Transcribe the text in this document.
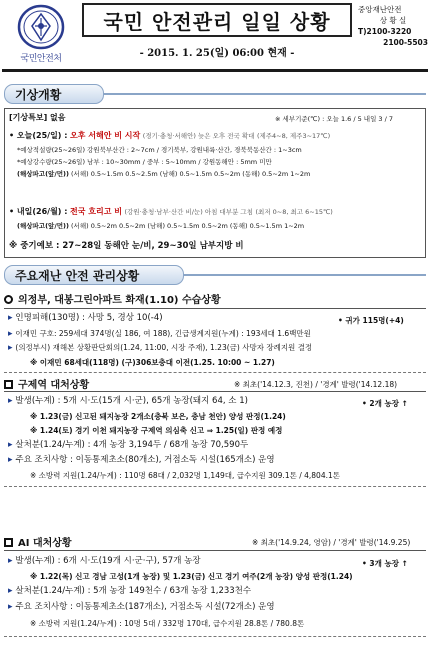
국민안전처
국민 안전관리 일일 상황
- 2015. 1. 25(일) 06:00 현재 -
중앙재난안전
상 황 실
T)2100-3220
2100-5503
기상개황
[기상특보] 없음	※ 세부기준(℃) : 오늘 1.6 / 5 내일 3 / 7
• 오늘(25/일) : 오후 서해안 비 시작 (경기·충청·서해안) 늦은 오후 전국 확대 (제주4~8, 제주3~17℃)
*예상적설량(25~26일) 강원북부산간 : 2~7cm / 경기북부, 강원내륙·산간, 경북북동산간 : 1~3cm
*예상강수량(25~26일) 남부 : 10~30mm / 중부 : 5~10mm / 강원동해안 : 5mm 미만
(해상파고(앞/먼)) (서해) 0.5~1.5m 0.5~2.5m (남해) 0.5~1.5m 0.5~2m (동해) 0.5~2m 1~2m
• 내일(26/월) : 전국 흐리고 비 (강원·충청·남부·산간 비/눈) 아침 대부분 그침 (최저 0~8, 최고 6~15℃)
(해상파고(앞/먼)) (서해) 0.5~2m 0.5~2m (남해) 0.5~1.5m 0.5~2m (동해) 0.5~1.5m 1~2m
※ 중기예보 : 27~28일 동해안 눈/비, 29~30일 남부지방 비
주요재난 안전 관리상황
의정부, 대봉그린아파트 화재(1.10) 수습상황
▸ 인명피해(130명) : 사망 5, 경상 10(-4)	• 귀가 115명(+4)
▸ 이재민 구호: 259세대 374명(실 186, 여 188), 긴급생계지원(누계) : 193세대 1.6백만원
▸ (의정부시) 재해본 상황판단회의(1.24, 11:00, 시장 주재), 1.23(금) 사망자 장례지원 결정
※ 이재민 68세대(118명) (구)306보충대 이전(1.25. 10:00 ~ 1.27)
구제역 대처상황	※ 최초('14.12.3, 진천) / '경계' 발령('14.12.18)
▸ 발생(누계) : 5개 시·도(15개 시·군), 65개 농장(돼지 64, 소 1)	• 2개 농장 ↑
※ 1.23(금) 신고된 돼지농장 2개소(충북 보은, 충남 천안) 양성 판정(1.24)
※ 1.24(토) 경기 이천 돼지농장 구제역 의심축 신고 ⇒ 1.25(일) 판정 예정
▸ 살처분(1.24/누계) : 4개 농장 3,194두 / 68개 농장 70,590두
▸ 주요 조치사항 : 이동통제초소(80개소), 거점소독 시설(165개소) 운영
※ 소방력 지원(1.24/누계) : 110명 68대 / 2,032명 1,149대, 급수지원 309.1톤 / 4,804.1톤
AI 대처상황	※ 최초('14.9.24, 영암) / '경계' 발령('14.9.25)
▸ 발생(누계) : 6개 시·도(19개 시·군·구), 57개 농장	• 3개 농장 ↑
※ 1.22(목) 신고 경남 고성(1개 농장) 및 1.23(금) 신고 경기 여주(2개 농장) 양성 판정(1.24)
▸ 살처분(1.24/누계) : 5개 농장 149천수 / 63개 농장 1,233천수
▸ 주요 조치사항 : 이동통제초소(187개소), 거점소독 시설(72개소) 운영
※ 소방력 지원(1.24/누계) : 10명 5대 / 332명 170대, 급수지원 28.8톤 / 780.8톤
